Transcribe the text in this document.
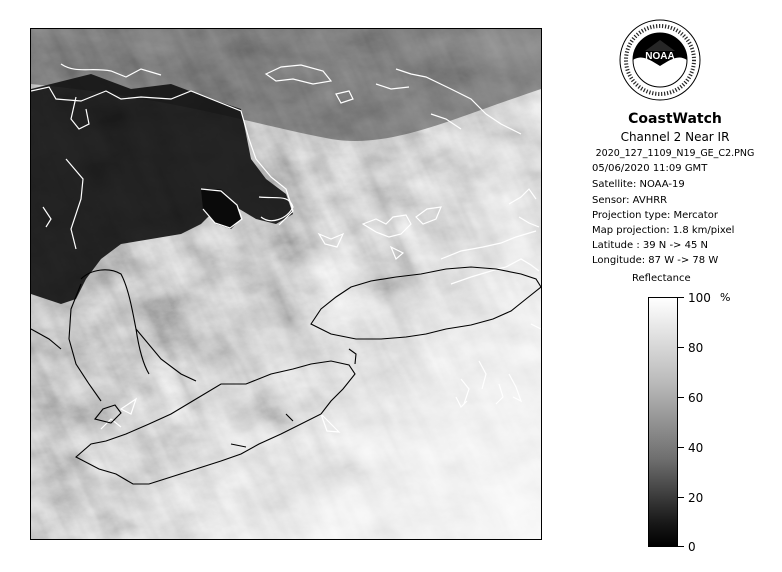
NOAA
CoastWatch
Channel 2 Near IR
2020_127_1109_N19_GE_C2.PNG
05/06/2020 11:09 GMT
Satellite: NOAA-19
Sensor: AVHRR
Projection type: Mercator
Map projection: 1.8 km/pixel
Latitude : 39 N -> 45 N
Longitude: 87 W -> 78 W
Reflectance
%
100
80
60
40
20
0
